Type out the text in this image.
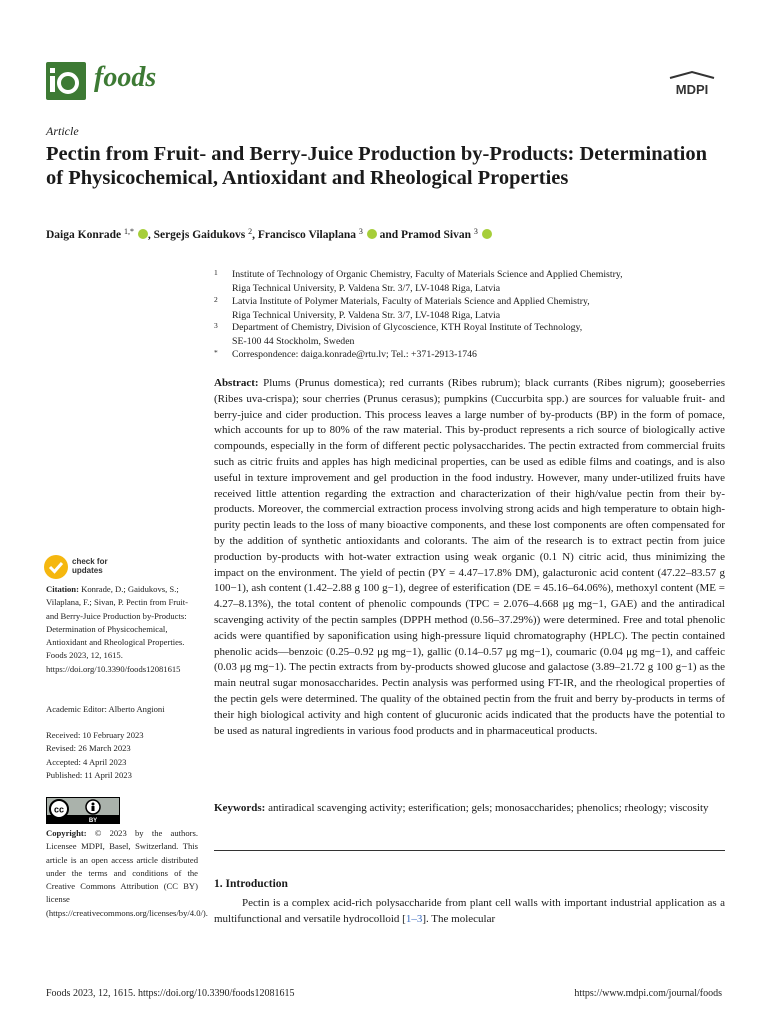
foods	MDPI
Article
Pectin from Fruit- and Berry-Juice Production by-Products: Determination of Physicochemical, Antioxidant and Rheological Properties
Daiga Konrade $^{1,*}$ , Sergejs Gaidukovs $^2$, Francisco Vilaplana $^3$  and Pramod Sivan $^3$
1 Institute of Technology of Organic Chemistry, Faculty of Materials Science and Applied Chemistry,
Riga Technical University, P. Valdena Str. 3/7, LV-1048 Riga, Latvia
2 Latvia Institute of Polymer Materials, Faculty of Materials Science and Applied Chemistry,
Riga Technical University, P. Valdena Str. 3/7, LV-1048 Riga, Latvia
3 Department of Chemistry, Division of Glycoscience, KTH Royal Institute of Technology,
SE-100 44 Stockholm, Sweden
* Correspondence: daiga.konrade@rtu.lv; Tel.: +371-2913-1746
Abstract: Plums (Prunus domestica); red currants (Ribes rubrum); black currants (Ribes nigrum); gooseberries (Ribes uva-crispa); sour cherries (Prunus cerasus); pumpkins (Cuccurbita spp.) are sources for valuable fruit- and berry-juice and cider production. This process leaves a large number of by-products (BP) in the form of pomace, which accounts for up to 80% of the raw material. This by-product represents a rich source of biologically active compounds, especially in the form of different pectic polysaccharides. The pectin extracted from commercial fruits such as citric fruits and apples has high medicinal properties, can be used as edible films and coatings, and is also useful in texture improvement and gel production in the food industry. However, many under-utilized fruits have received little attention regarding the extraction and characterization of their high/value pectin from their by-products. Moreover, the commercial extraction process involving strong acids and high temperature to obtain high-purity pectin leads to the loss of many bioactive components, and these lost components are often compensated for by the addition of synthetic antioxidants and colorants. The aim of the research is to extract pectin from juice production by-products with hot-water extraction using weak organic (0.1 N) citric acid, thus minimizing the impact on the environment. The yield of pectin (PY = 4.47–17.8% DM), galacturonic acid content (47.22–83.57 g 100−1), ash content (1.42–2.88 g 100 g−1), degree of esterification (DE = 45.16–64.06%), methoxyl content (ME = 4.27–8.13%), the total content of phenolic compounds (TPC = 2.076–4.668 μg mg−1, GAE) and the antiradical scavenging activity of the pectin samples (DPPH method (0.56–37.29%)) were determined. Free and total phenolic acids were quantified by saponification using high-pressure liquid chromatography (HPLC). The pectin contained phenolic acids—benzoic (0.25–0.92 μg mg−1), gallic (0.14–0.57 μg mg−1), coumaric (0.04 μg mg−1), and caffeic (0.03 μg mg−1). The pectin extracts from by-products showed glucose and galactose (3.89–21.72 g 100 g−1) as the main neutral sugar monosaccharides. Pectin analysis was performed using FT-IR, and the rheological properties of the pectin gels were determined. The quality of the obtained pectin from the fruit and berry by-products in terms of their high biological activity and high content of glucuronic acids indicated that the products have the potential to be used as natural ingredients in various food products and in pharmaceutical products.
Keywords: antiradical scavenging activity; esterification; gels; monosaccharides; phenolics; rheology; viscosity
1. Introduction
Pectin is a complex acid-rich polysaccharide from plant cell walls with important industrial application as a multifunctional and versatile hydrocolloid [1–3]. The molecular
check for
updates
Citation: Konrade, D.; Gaidukovs, S.; Vilaplana, F.; Sivan, P. Pectin from Fruit- and Berry-Juice Production by-Products: Determination of Physicochemical, Antioxidant and Rheological Properties. Foods 2023, 12, 1615. https://doi.org/10.3390/foods12081615
Academic Editor: Alberto Angioni
Received: 10 February 2023
Revised: 26 March 2023
Accepted: 4 April 2023
Published: 11 April 2023
cc
BY
Copyright: © 2023 by the authors. Licensee MDPI, Basel, Switzerland. This article is an open access article distributed under the terms and conditions of the Creative Commons Attribution (CC BY) license (https://creativecommons.org/licenses/by/4.0/).
Foods 2023, 12, 1615. https://doi.org/10.3390/foods12081615	https://www.mdpi.com/journal/foods
